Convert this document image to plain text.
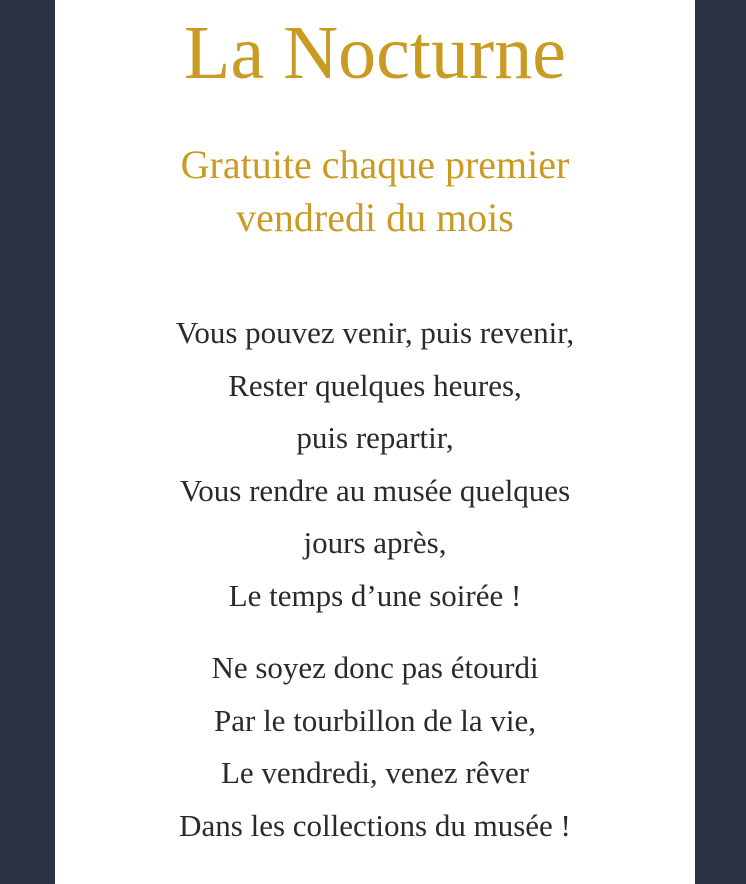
La Nocturne
Gratuite chaque premier
vendredi du mois

Vous pouvez venir, puis revenir,
Rester quelques heures,
puis repartir,
Vous rendre au musée quelques
jours après,
Le temps d’une soirée !

Ne soyez donc pas étourdi
Par le tourbillon de la vie,
Le vendredi, venez rêver
Dans les collections du musée !
